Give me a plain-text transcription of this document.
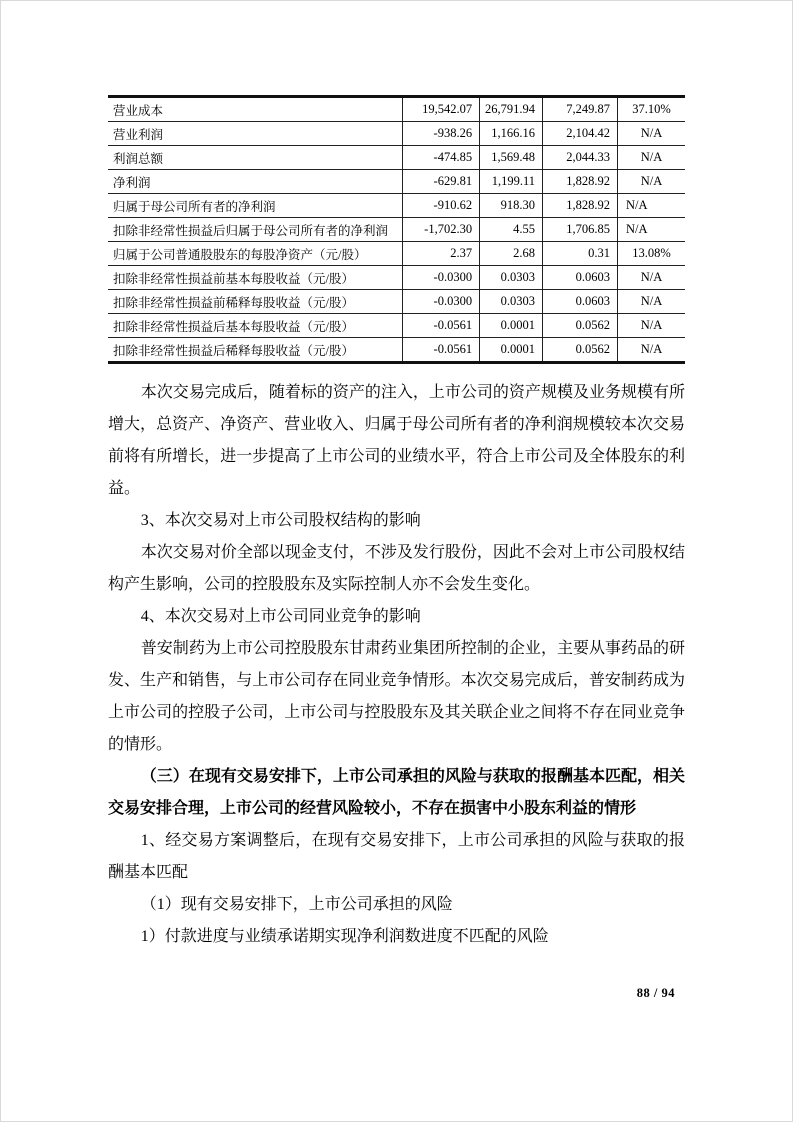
营业成本	19,542.07	26,791.94	7,249.87	37.10%
营业利润	-938.26	1,166.16	2,104.42	N/A
利润总额	-474.85	1,569.48	2,044.33	N/A
净利润	-629.81	1,199.11	1,828.92	N/A
归属于母公司所有者的净利润	-910.62	918.30	1,828.92	N/A
扣除非经常性损益后归属于母公司所有者的净利润	-1,702.30	4.55	1,706.85	N/A
归属于公司普通股股东的每股净资产（元/股）	2.37	2.68	0.31	13.08%
扣除非经常性损益前基本每股收益（元/股）	-0.0300	0.0303	0.0603	N/A
扣除非经常性损益前稀释每股收益（元/股）	-0.0300	0.0303	0.0603	N/A
扣除非经常性损益后基本每股收益（元/股）	-0.0561	0.0001	0.0562	N/A
扣除非经常性损益后稀释每股收益（元/股）	-0.0561	0.0001	0.0562	N/A

本次交易完成后，随着标的资产的注入，上市公司的资产规模及业务规模有所增大，总资产、净资产、营业收入、归属于母公司所有者的净利润规模较本次交易前将有所增长，进一步提高了上市公司的业绩水平，符合上市公司及全体股东的利益。

3、本次交易对上市公司股权结构的影响

本次交易对价全部以现金支付，不涉及发行股份，因此不会对上市公司股权结构产生影响，公司的控股股东及实际控制人亦不会发生变化。

4、本次交易对上市公司同业竞争的影响

普安制药为上市公司控股股东甘肃药业集团所控制的企业，主要从事药品的研发、生产和销售，与上市公司存在同业竞争情形。本次交易完成后，普安制药成为上市公司的控股子公司，上市公司与控股股东及其关联企业之间将不存在同业竞争的情形。

（三）在现有交易安排下，上市公司承担的风险与获取的报酬基本匹配，相关交易安排合理，上市公司的经营风险较小，不存在损害中小股东利益的情形

1、经交易方案调整后，在现有交易安排下，上市公司承担的风险与获取的报酬基本匹配

（1）现有交易安排下，上市公司承担的风险

1）付款进度与业绩承诺期实现净利润数进度不匹配的风险

88 / 94
